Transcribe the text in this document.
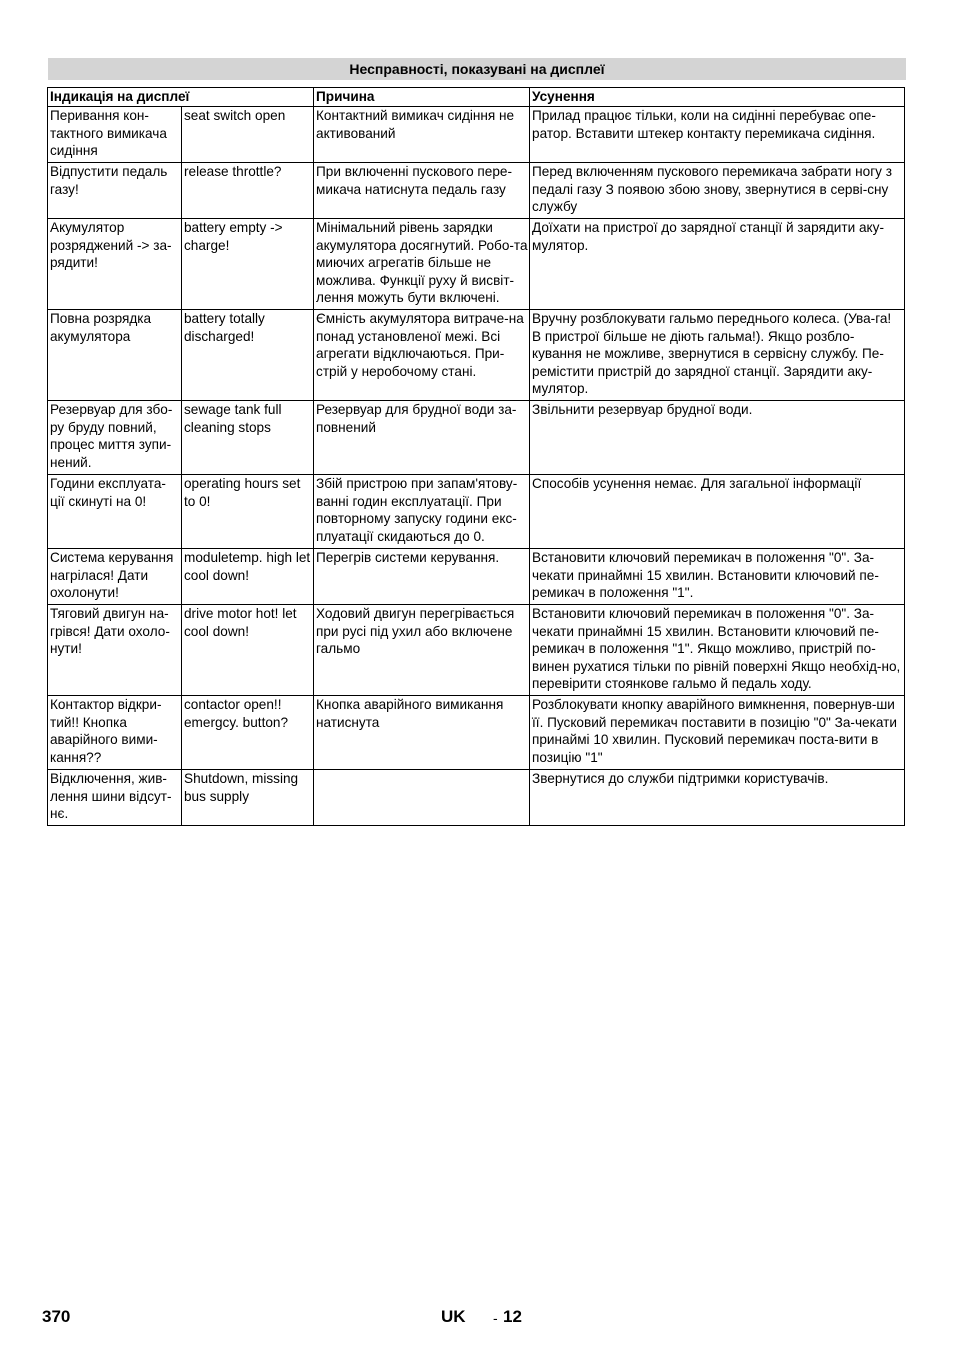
Несправності, показувані на дисплеї
Індикація на дисплеї		Причина	Усунення
Перивання кон-тактного вимикача сидіння	seat switch open	Контактний вимикач сидіння не активований	Прилад працює тільки, коли на сидінні перебуває опе-ратор. Вставити штекер контакту перемикача сидіння.
Відпустити педаль газу!	release throttle?	При включенні пускового пере-микача натиснута педаль газу	Перед включенням пускового перемикача забрати ногу з педалі газу З появою збою знову, звернутися в серві-сну службу
Акумулятор розряджений -> за-рядити!	battery empty -> charge!	Мінімальний рівень зарядки акумулятора досягнутий. Робо-та миючих агрегатів більше не можлива. Функції руху й висвіт-лення можуть бути включені.	Доїхати на пристрої до зарядної станції й зарядити аку-мулятор.
Повна розрядка акумулятора	battery totally discharged!	Ємність акумулятора витраче-на понад установленої межі. Всі агрегати відключаються. При-стрій у неробочому стані.	Вручну розблокувати гальмо переднього колеса. (Ува-га! В пристрої більше не діють гальма!). Якщо розбло-кування не можливе, звернутися в сервісну службу. Пе-ремістити пристрій до зарядної станції. Зарядити аку-мулятор.
Резервуар для збо-ру бруду повний, процес миття зупи-нений.	sewage tank full cleaning stops	Резервуар для брудної води за-повнений	Звільнити резервуар брудної води.
Години експлуата-ції скинуті на 0!	operating hours set to 0!	Збій пристрою при запам'ятову-ванні годин експлуатації. При повторному запуску години екс-плуатації скидаються до 0.	Способів усунення немає. Для загальної інформації
Система керування нагрілася! Дати охолонути!	moduletemp. high let cool down!	Перегрів системи керування.	Встановити ключовий перемикач в положення "0". За-чекати принаймні 15 хвилин. Встановити ключовий пе-ремикач в положення "1".
Тяговий двигун на-грівся! Дати охоло-нути!	drive motor hot! let cool down!	Ходовий двигун перегрівається при русі під ухил або включене гальмо	Встановити ключовий перемикач в положення "0". За-чекати принаймні 15 хвилин. Встановити ключовий пе-ремикач в положення "1". Якщо можливо, пристрій по-винен рухатися тільки по рівній поверхні Якщо необхід-но, перевірити стоянкове гальмо й педаль ходу.
Контактор відкри-тий!! Кнопка аварійного вими-кання??	contactor open!! emergcy. button?	Кнопка аварійного вимикання натиснута	Розблокувати кнопку аварійного вимкнення, повернув-ши її. Пусковий перемикач поставити в позицію "0" За-чекати принаймі 10 хвилин. Пусковий перемикач поста-вити в позицію "1"
Відключення, жив-лення шини відсут-нє.	Shutdown, missing bus supply		Звернутися до служби підтримки користувачів.
370	UK - 12
